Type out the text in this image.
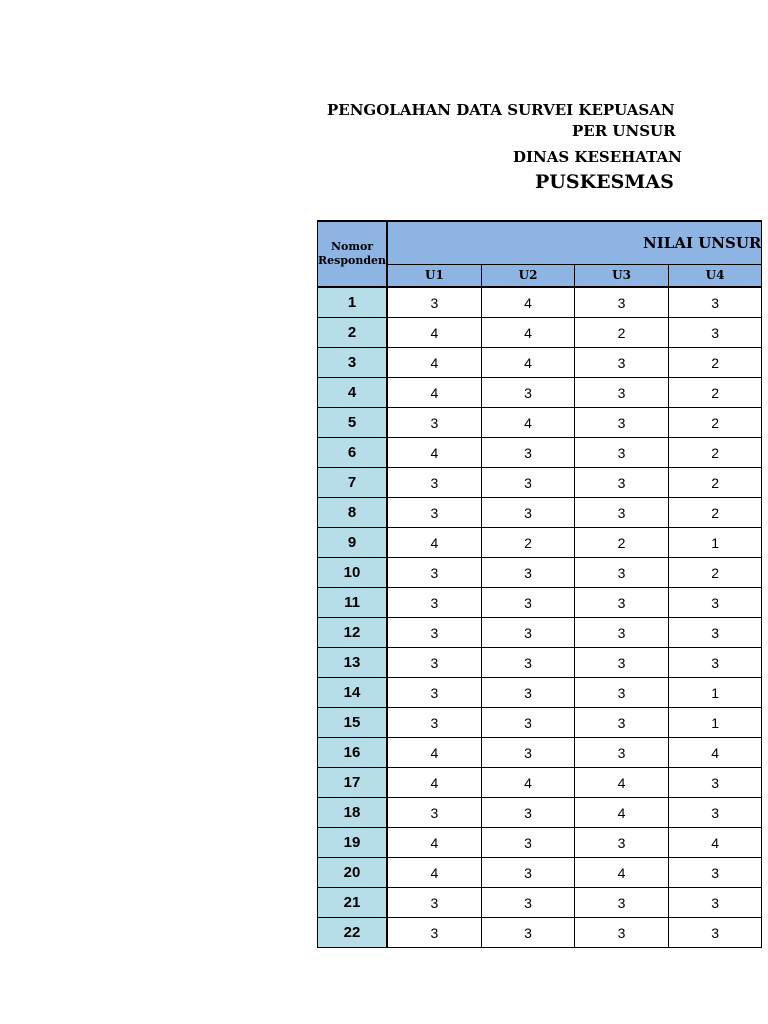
PENGOLAHAN DATA SURVEI KEPUASAN
PER UNSUR
DINAS KESEHATAN
PUSKESMAS
Nomor
Responden	NILAI UNSUR			
	U1	U2	U3	U4
1	3	4	3	3
2	4	4	2	3
3	4	4	3	2
4	4	3	3	2
5	3	4	3	2
6	4	3	3	2
7	3	3	3	2
8	3	3	3	2
9	4	2	2	1
10	3	3	3	2
11	3	3	3	3
12	3	3	3	3
13	3	3	3	3
14	3	3	3	1
15	3	3	3	1
16	4	3	3	4
17	4	4	4	3
18	3	3	4	3
19	4	3	3	4
20	4	3	4	3
21	3	3	3	3
22	3	3	3	3
